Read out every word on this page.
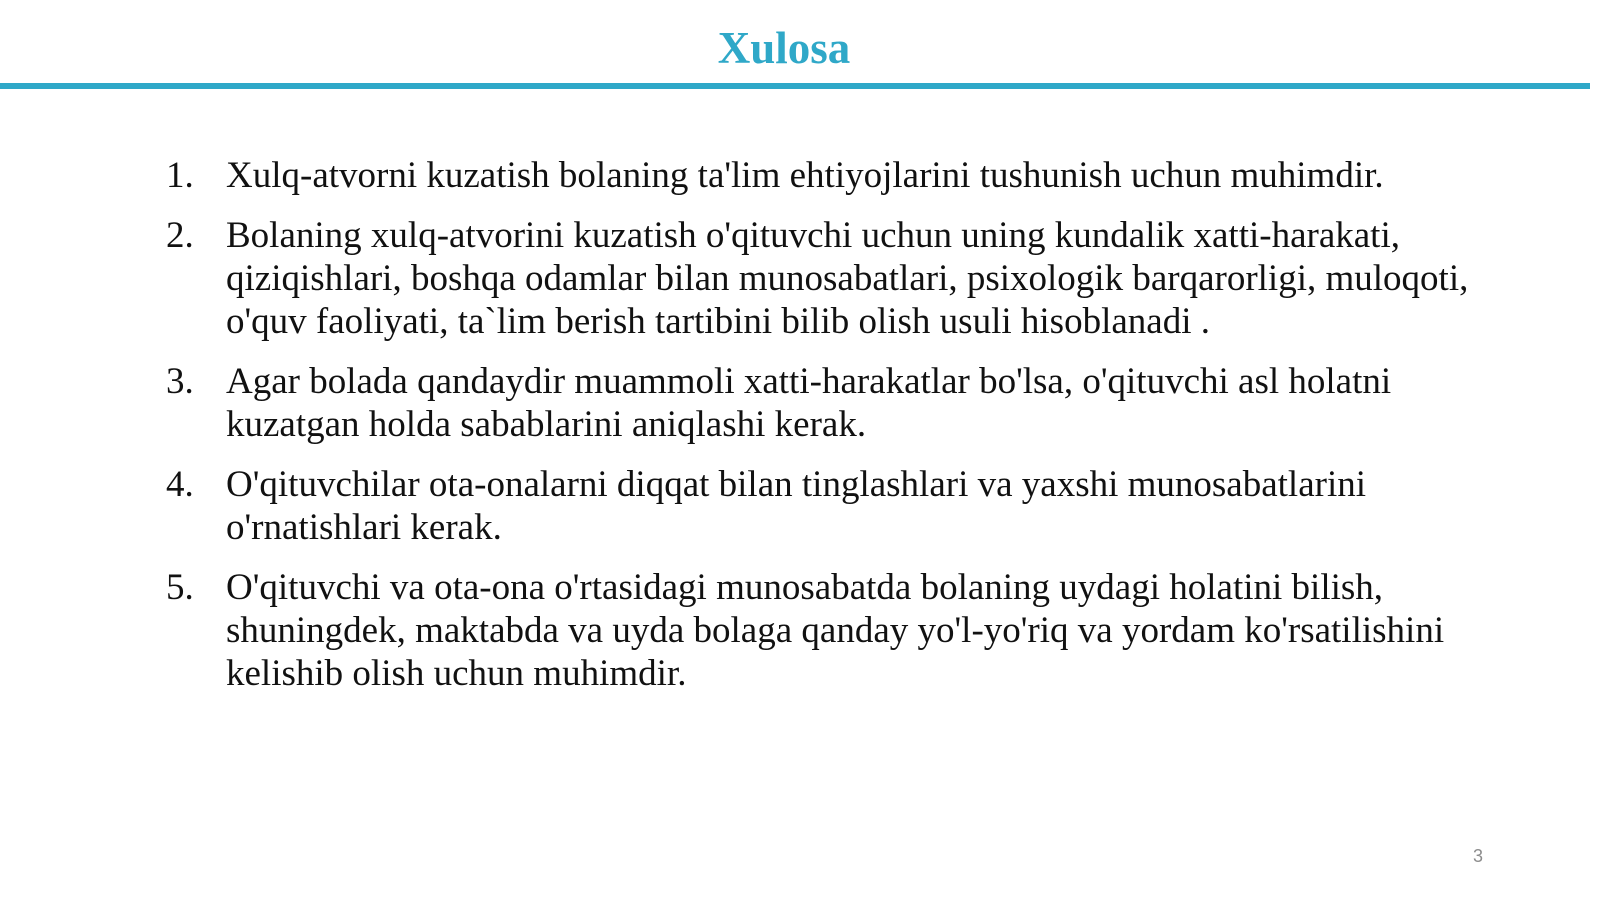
Xulosa
1. Xulq-atvorni kuzatish bolaning ta'lim ehtiyojlarini tushunish uchun muhimdir.
2. Bolaning xulq-atvorini kuzatish o'qituvchi uchun uning kundalik xatti-harakati, qiziqishlari, boshqa odamlar bilan munosabatlari, psixologik barqarorligi, muloqoti, o'quv faoliyati, ta`lim berish tartibini bilib olish usuli hisoblanadi .
3. Agar bolada qandaydir muammoli xatti-harakatlar bo'lsa, o'qituvchi asl holatni kuzatgan holda sabablarini aniqlashi kerak.
4. O'qituvchilar ota-onalarni diqqat bilan tinglashlari va yaxshi munosabatlarini o'rnatishlari kerak.
5. O'qituvchi va ota-ona o'rtasidagi munosabatda bolaning uydagi holatini bilish, shuningdek, maktabda va uyda bolaga qanday yo'l-yo'riq va yordam ko'rsatilishini kelishib olish uchun muhimdir.
3
